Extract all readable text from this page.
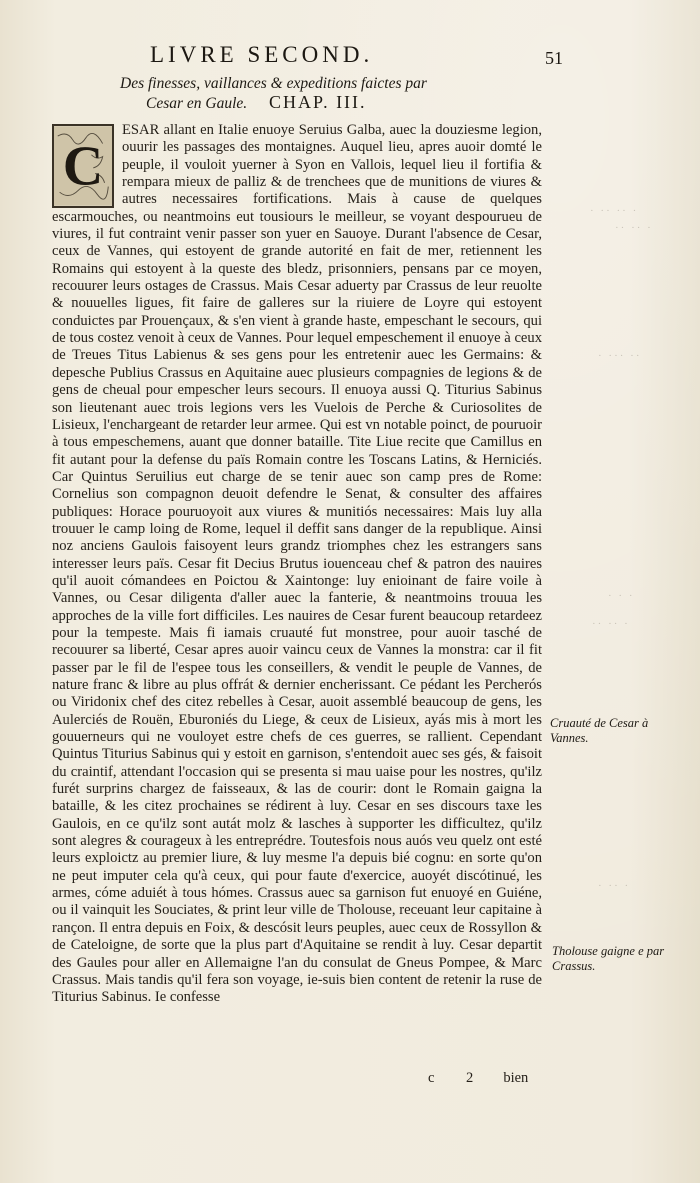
LIVRE SECOND.	51
Des finesses, vaillances & expeditions faictes par
Cesar en Gaule. CHAP. III.
C
ESAR allant en Italie enuoye Seruius Galba, auec la douziesme legion, ouurir les passages des montaignes. Auquel lieu, apres auoir domté le peuple, il vouloit yuerner à Syon en Vallois, lequel lieu il fortifia & rempara mieux de palliz & de trenchees que de munitions de viures & autres necessaires fortifications. Mais à cause de quelques escarmouches, ou neantmoins eut tousiours le meilleur, se voyant despourueu de viures, il fut contraint venir passer son yuer en Sauoye. Durant l'absence de Cesar, ceux de Vannes, qui estoyent de grande autorité en fait de mer, retiennent les Romains qui estoyent à la queste des bledz, prisonniers, pensans par ce moyen, recouurer leurs ostages de Crassus. Mais Cesar aduerty par Crassus de leur reuolte & nouuelles ligues, fit faire de galleres sur la riuiere de Loyre qui estoyent conduictes par Prouençaux, & s'en vient à grande haste, empeschant le secours, qui de tous costez venoit à ceux de Vannes. Pour lequel empeschement il enuoye à ceux de Treues Titus Labienus & ses gens pour les entretenir auec les Germains: & depesche Publius Crassus en Aquitaine auec plusieurs compagnies de legions & de gens de cheual pour empescher leurs secours. Il enuoya aussi Q. Titurius Sabinus son lieutenant auec trois legions vers les Vuelois de Perche & Curiosolites de Lisieux, l'enchargeant de retarder leur armee. Qui est vn notable poinct, de pouruoir à tous empeschemens, auant que donner bataille. Tite Liue recite que Camillus en fit autant pour la defense du païs Romain contre les Toscans Latins, & Herniciés. Car Quintus Seruilius eut charge de se tenir auec son camp pres de Rome: Cornelius son compagnon deuoit defendre le Senat, & consulter des affaires publiques: Horace pouruoyoit aux viures & munitiós necessaires: Mais luy alla trouuer le camp loing de Rome, lequel il deffit sans danger de la republique. Ainsi noz anciens Gaulois faisoyent leurs grandz triomphes chez les estrangers sans interesser leurs païs. Cesar fit Decius Brutus iouenceau chef & patron des nauires qu'il auoit cómandees en Poictou & Xaintonge: luy enioinant de faire voile à Vannes, ou Cesar diligenta d'aller auec la fanterie, & neantmoins trouua les approches de la ville fort difficiles. Les nauires de Cesar furent beaucoup retardeez pour la tempeste. Mais fi iamais cruauté fut monstree, pour auoir tasché de recouurer sa liberté, Cesar apres auoir vaincu ceux de Vannes la monstra: car il fit passer par le fil de l'espee tous les conseillers, & vendit le peuple de Vannes, de nature franc & libre au plus offrát & dernier encherissant. Ce pédant les Percherós ou Viridonix chef des citez rebelles à Cesar, auoit assemblé beaucoup de gens, les Aulerciés de Rouën, Eburoniés du Liege, & ceux de Lisieux, ayás mis à mort les gouuerneurs qui ne vouloyet estre chefs de ces guerres, se rallient. Cependant Quintus Titurius Sabinus qui y estoit en garnison, s'entendoit auec ses gés, & faisoit du craintif, attendant l'occasion qui se presenta si mau uaise pour les nostres, qu'ilz furét surprins chargez de faisseaux, & las de courir: dont le Romain gaigna la bataille, & les citez prochaines se rédirent à luy. Cesar en ses discours taxe les Gaulois, en ce qu'ilz sont autát molz & lasches à supporter les difficultez, qu'ilz sont alegres & courageux à les entreprédre. Toutesfois nous auós veu quelz ont esté leurs exploictz au premier liure, & luy mesme l'a depuis bié cognu: en sorte qu'on ne peut imputer cela qu'à ceux, qui pour faute d'exercice, auoyét discótinué, les armes, cóme aduiét à tous hómes. Crassus auec sa garnison fut enuoyé en Guiéne, ou il vainquit les Souciates, & print leur ville de Tholouse, receuant leur capitaine à rançon. Il entra depuis en Foix, & descósit leurs peuples, auec ceux de Rossyllon & de Cateloigne, de sorte que la plus part d'Aquitaine se rendit à luy. Cesar departit des Gaules pour aller en Allemaigne l'an du consulat de Gneus Pompee, & Marc Crassus. Mais tandis qu'il fera son voyage, ie-suis bien content de retenir la ruse de Titurius Sabinus. Ie confesse
Cruauté de Cesar à Vannes.
Tholouse gaigne e par Crassus.
c 2 bien
· ·· ·· ·
·· ·· ·
· ··· ··
· · ·
·· ·· ·
· ·· ·
